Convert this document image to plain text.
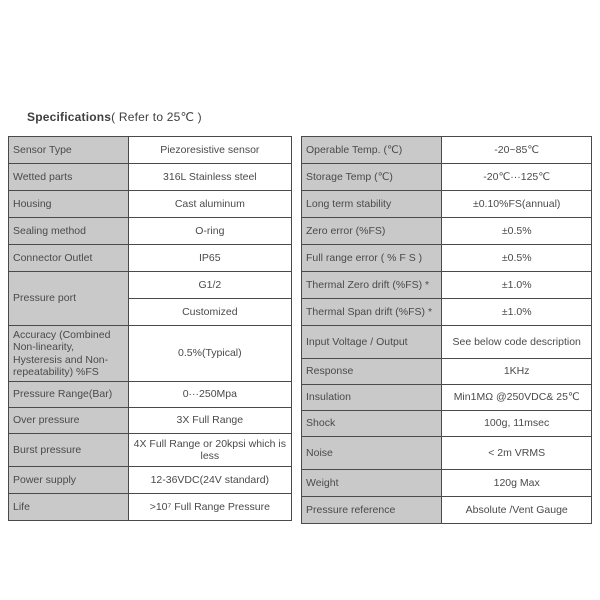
Specifications( Refer to 25℃ )
Sensor Type	Piezoresistive sensor
Wetted parts	316L Stainless steel
Housing	Cast aluminum
Sealing method	O-ring
Connector Outlet	IP65
Pressure port	G1/2
	Customized
Accuracy (Combined Non-linearity, Hysteresis and Non-repeatability) %FS	0.5%(Typical)
Pressure Range(Bar)	0···250Mpa
Over pressure	3X Full Range
Burst pressure	4X Full Range or 20kpsi which is less
Power supply	12-36VDC(24V standard)
Life	>10⁷ Full Range Pressure
Operable Temp. (℃)	-20~85℃
Storage Temp (℃)	-20℃···125℃
Long term stability	±0.10%FS(annual)
Zero error (%FS)	±0.5%
Full range error ( % F S )	±0.5%
Thermal Zero drift (%FS) *	±1.0%
Thermal Span drift (%FS) *	±1.0%
Input Voltage / Output	See below code description
Response	1KHz
Insulation	Min1MΩ @250VDC& 25℃
Shock	100g, 11msec
Noise	< 2m VRMS
Weight	120g Max
Pressure reference	Absolute /Vent Gauge
